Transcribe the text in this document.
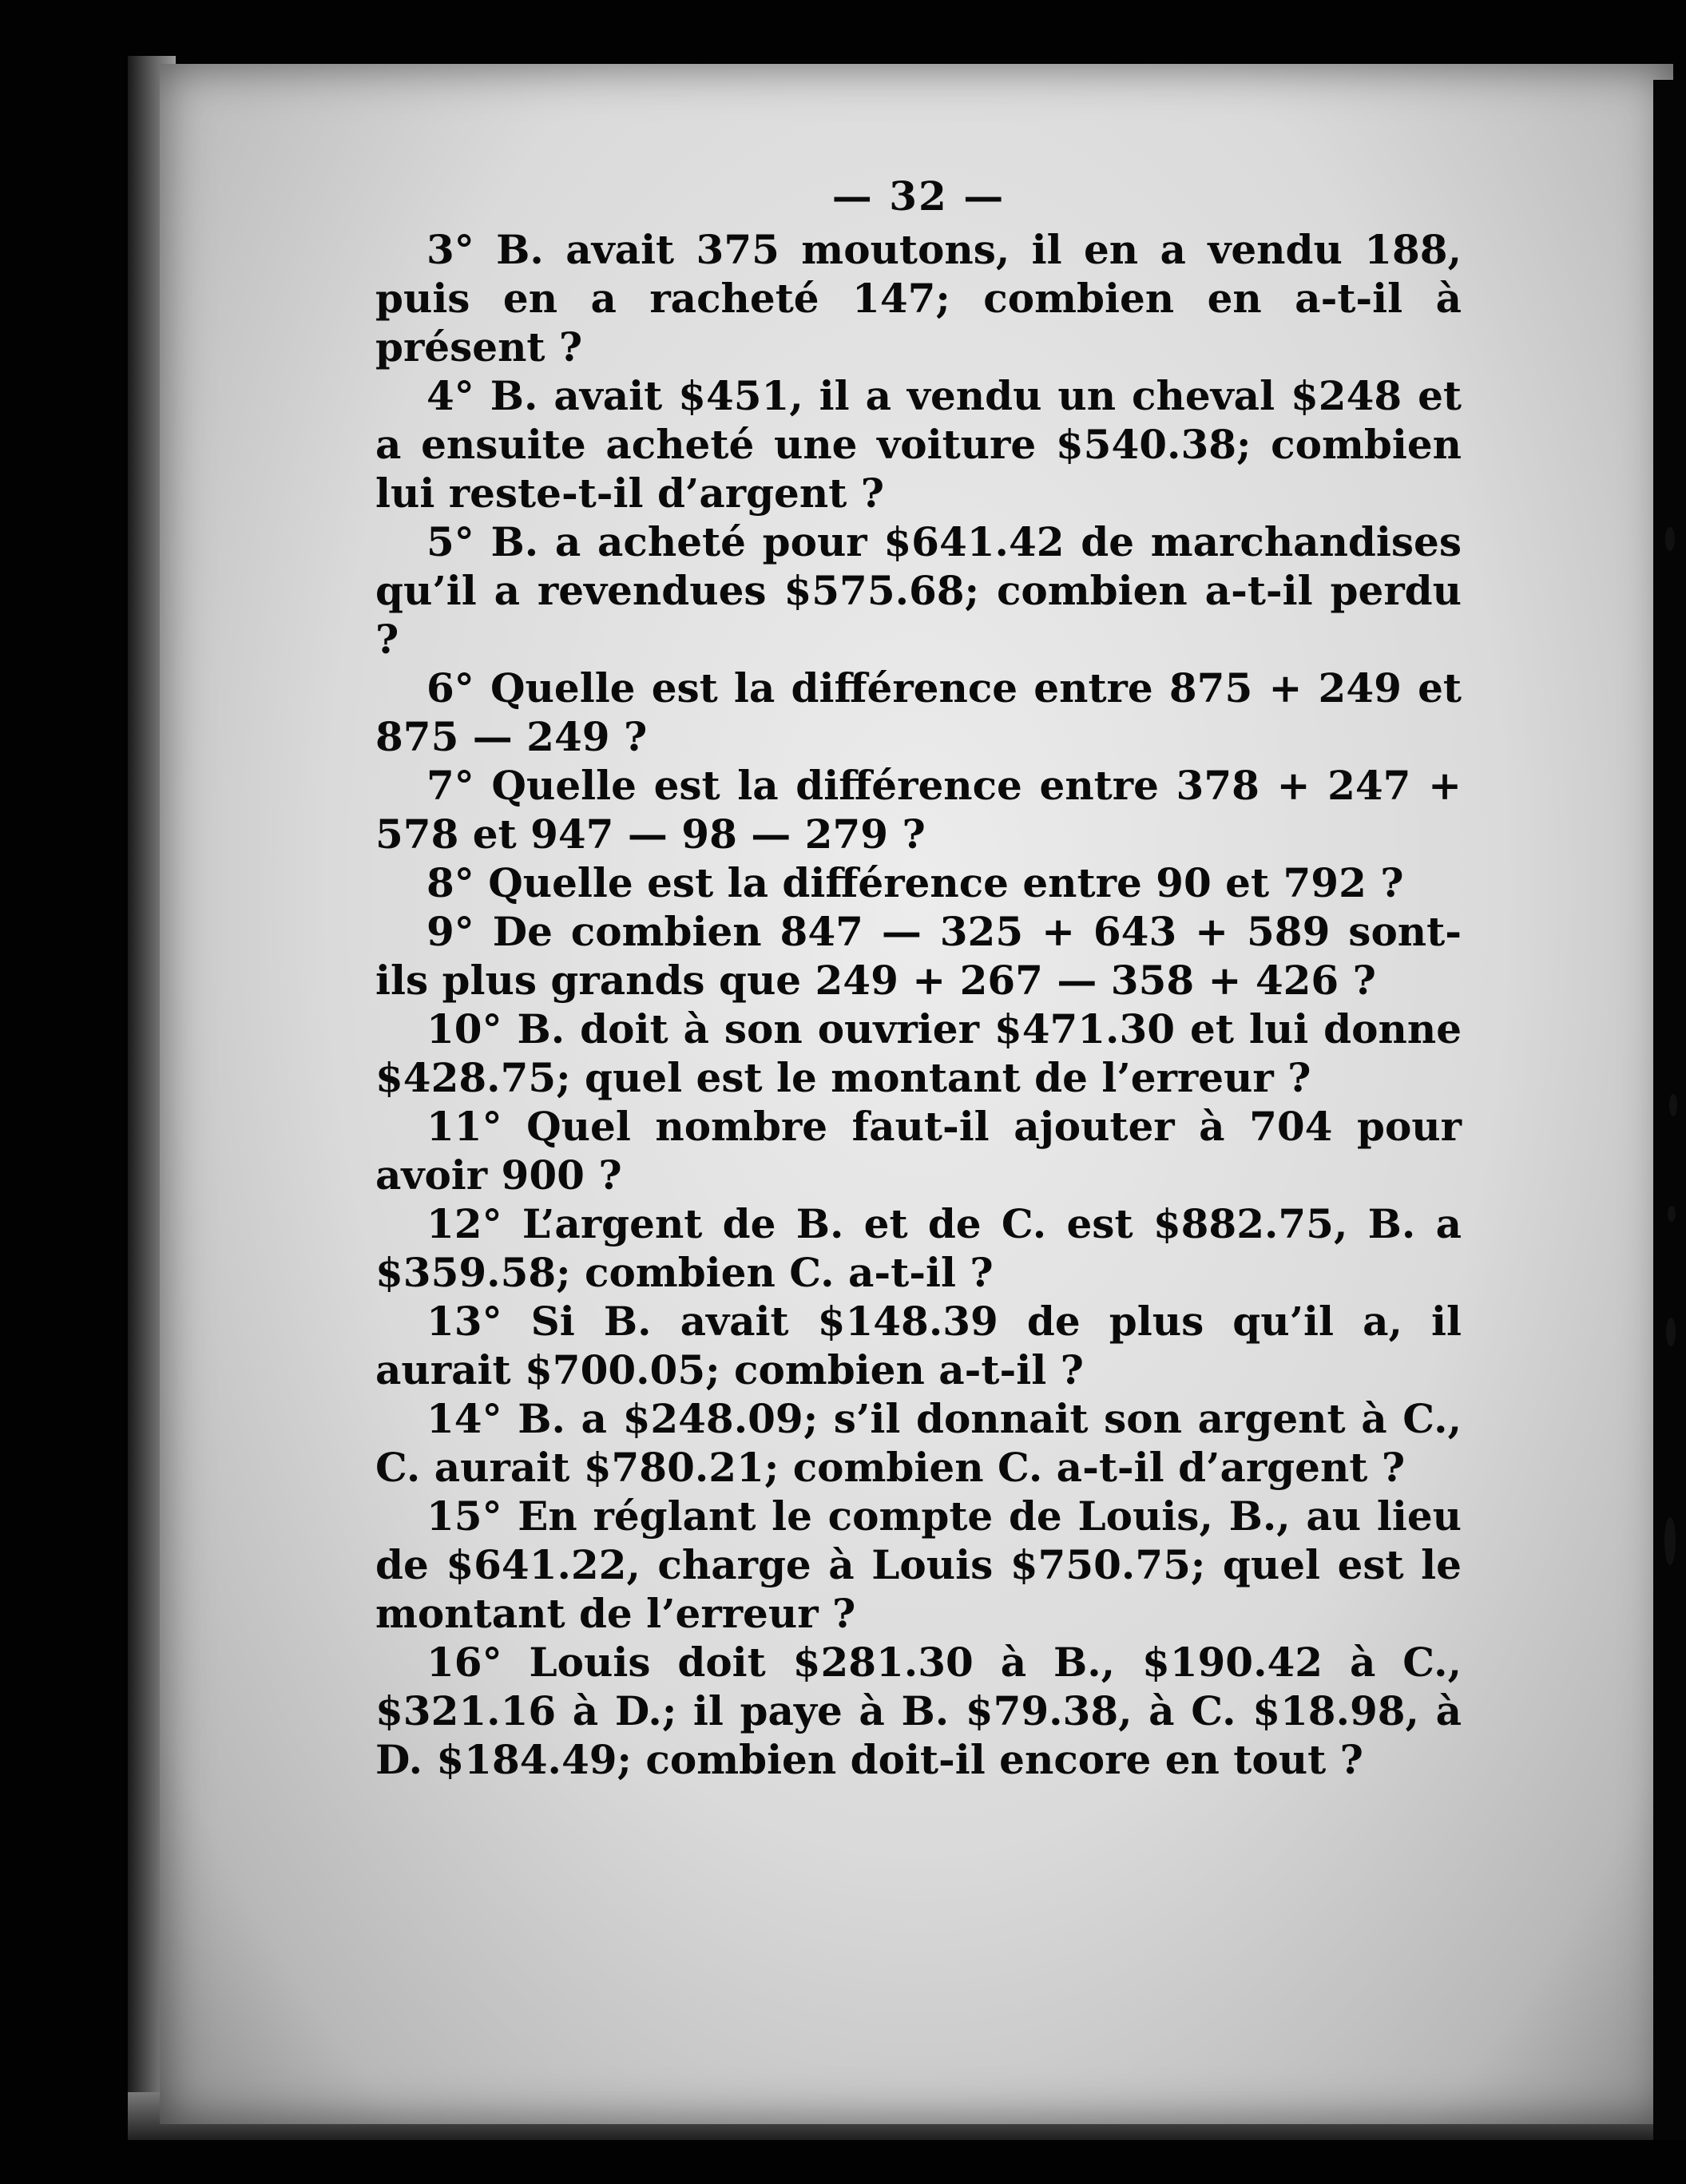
— 32 —

3° B. avait 375 moutons, il en a vendu 188, puis en a racheté 147; combien en a-t-il à présent ?

4° B. avait $451, il a vendu un cheval $248 et a ensuite acheté une voiture $540.38; combien lui reste-t-il d’argent ?

5° B. a acheté pour $641.42 de marchandises qu’il a revendues $575.68; combien a-t-il perdu ?

6° Quelle est la différence entre 875 + 249 et 875 — 249 ?

7° Quelle est la différence entre 378 + 247 + 578 et 947 — 98 — 279 ?

8° Quelle est la différence entre 90 et 792 ?

9° De combien 847 — 325 + 643 + 589 sont-ils plus grands que 249 + 267 — 358 + 426 ?

10° B. doit à son ouvrier $471.30 et lui donne $428.75; quel est le montant de l’erreur ?

11° Quel nombre faut-il ajouter à 704 pour avoir 900 ?

12° L’argent de B. et de C. est $882.75, B. a $359.58; combien C. a-t-il ?

13° Si B. avait $148.39 de plus qu’il a, il aurait $700.05; combien a-t-il ?

14° B. a $248.09; s’il donnait son argent à C., C. aurait $780.21; combien C. a-t-il d’argent ?

15° En réglant le compte de Louis, B., au lieu de $641.22, charge à Louis $750.75; quel est le montant de l’erreur ?

16° Louis doit $281.30 à B., $190.42 à C., $321.16 à D.; il paye à B. $79.38, à C. $18.98, à D. $184.49; combien doit-il encore en tout ?
